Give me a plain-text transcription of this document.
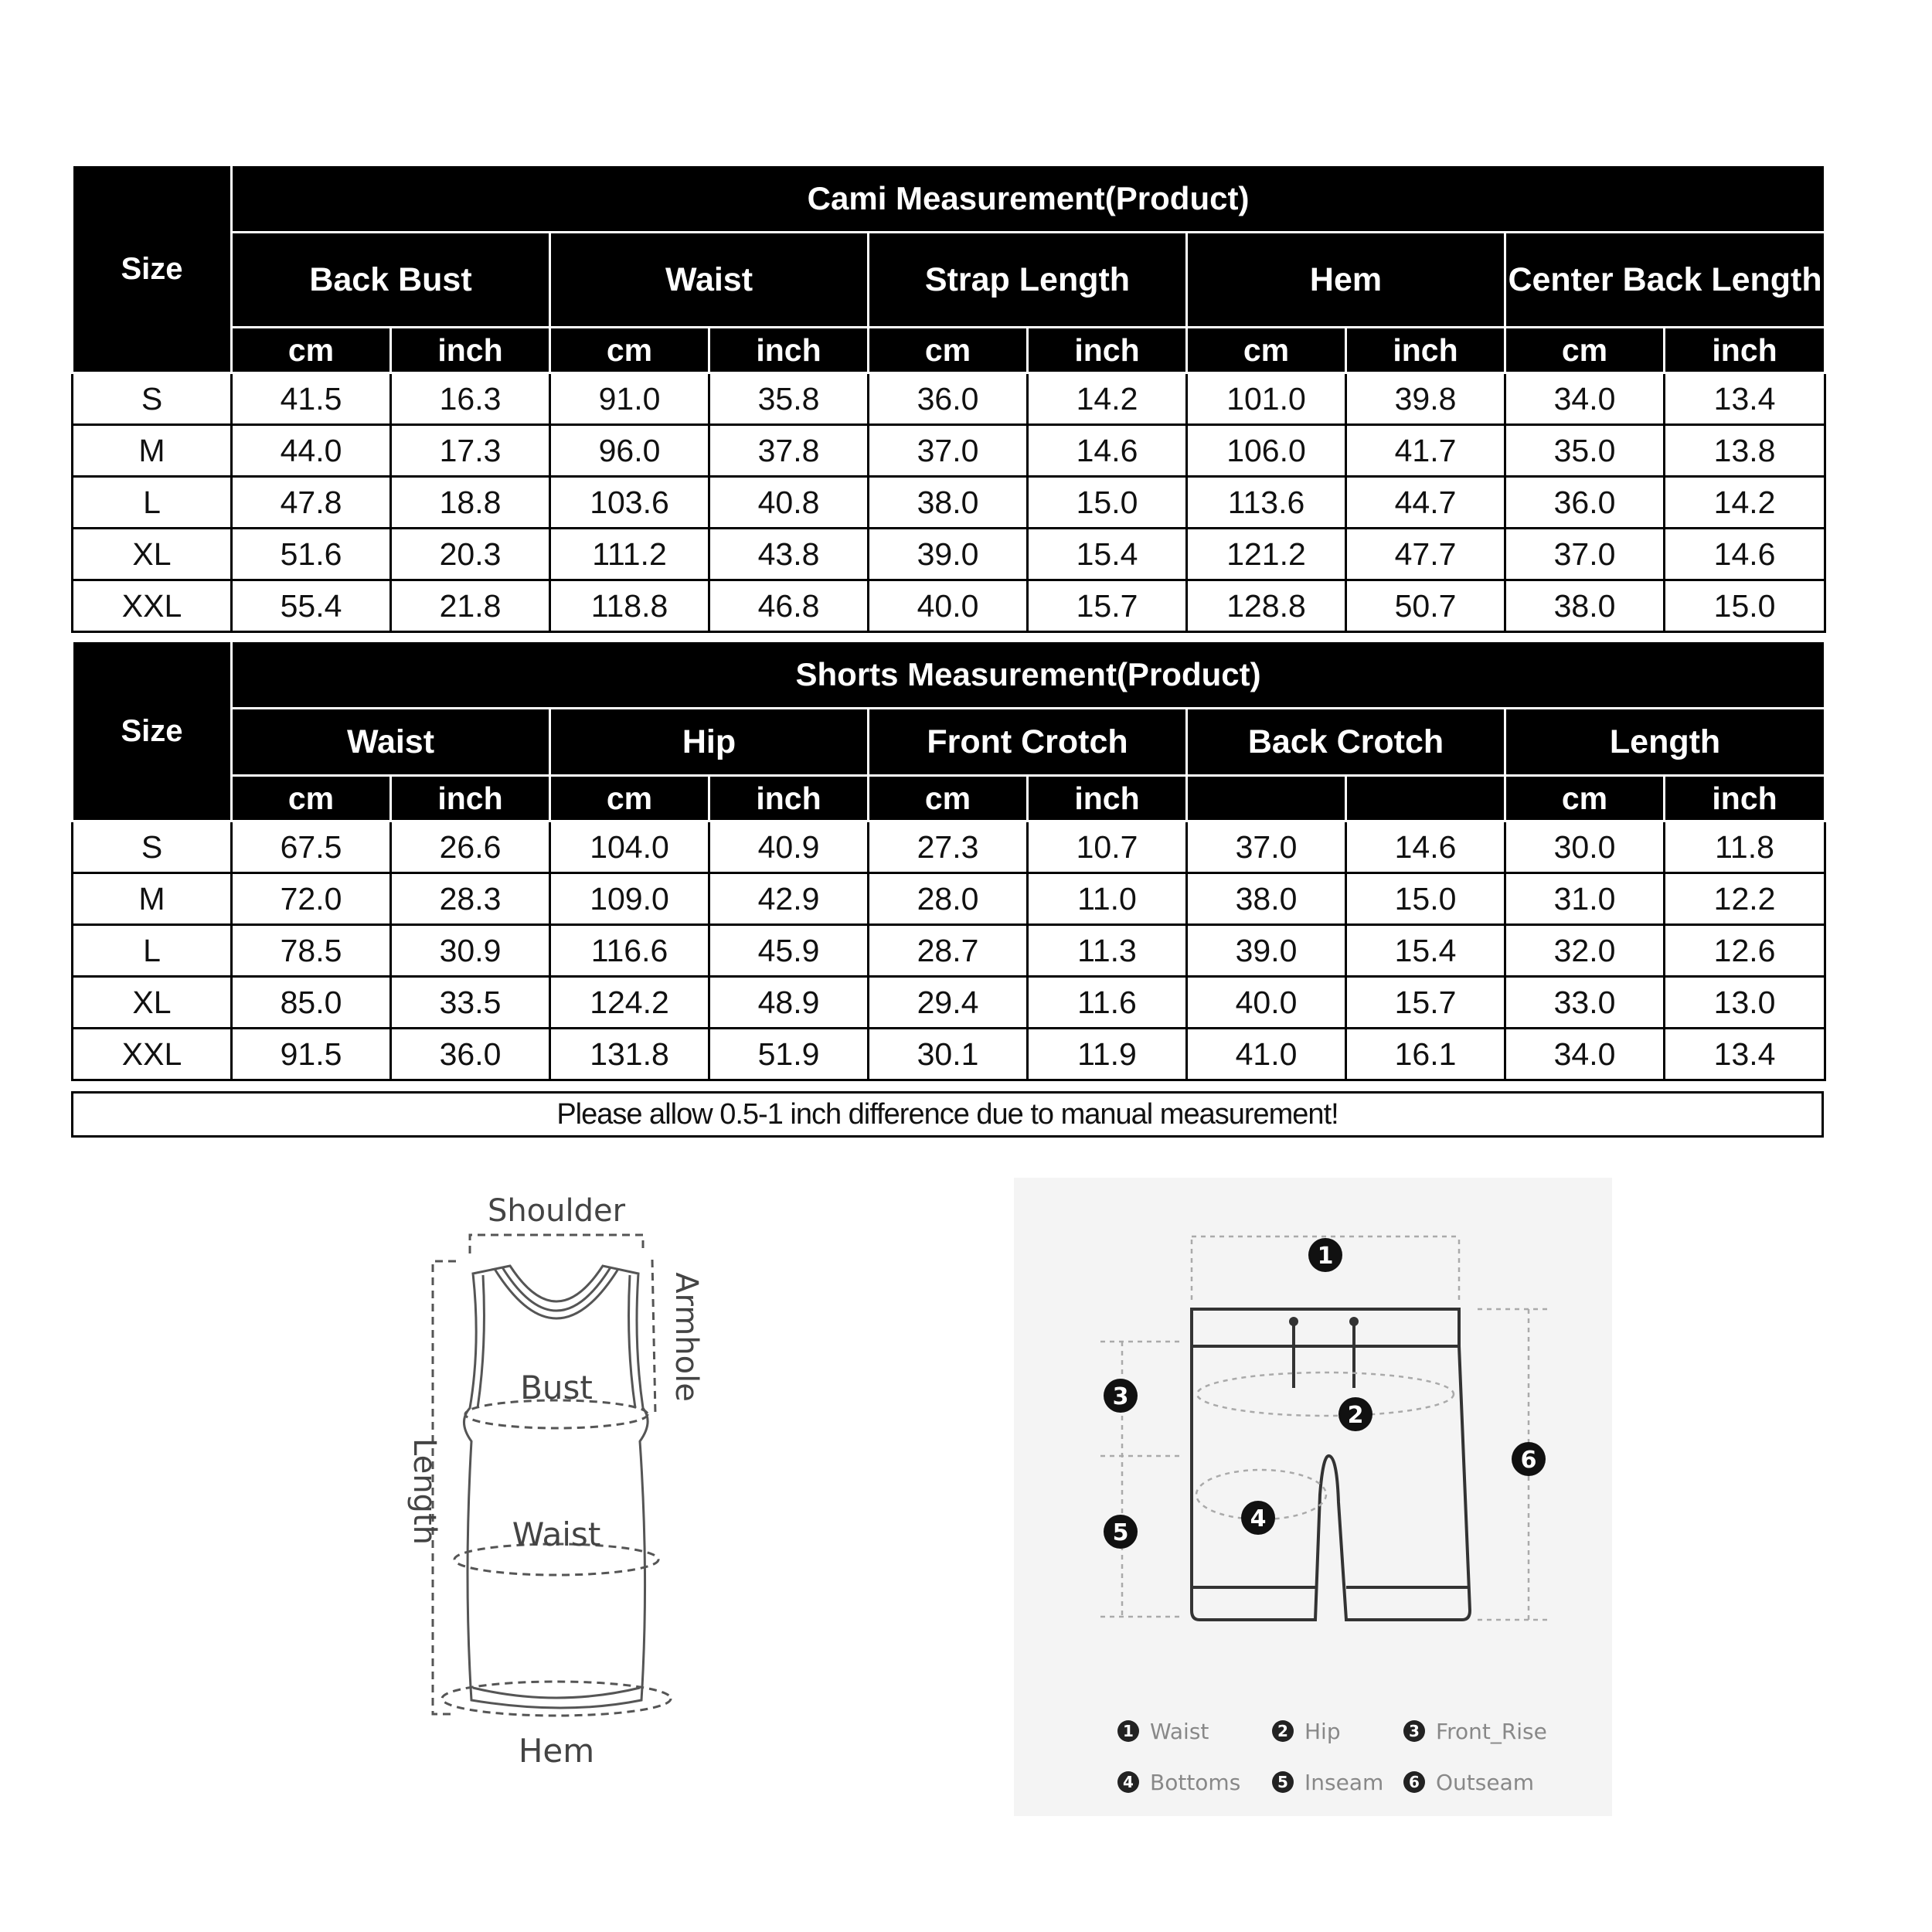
Size	Cami Measurement(Product)									
	Back Bust		Waist		Strap Length		Hem		Center Back Length	
	cm	inch	cm	inch	cm	inch	cm	inch	cm	inch
S	41.5	16.3	91.0	35.8	36.0	14.2	101.0	39.8	34.0	13.4
M	44.0	17.3	96.0	37.8	37.0	14.6	106.0	41.7	35.0	13.8
L	47.8	18.8	103.6	40.8	38.0	15.0	113.6	44.7	36.0	14.2
XL	51.6	20.3	111.2	43.8	39.0	15.4	121.2	47.7	37.0	14.6
XXL	55.4	21.8	118.8	46.8	40.0	15.7	128.8	50.7	38.0	15.0
Size	Shorts Measurement(Product)									
	Waist		Hip		Front Crotch		Back Crotch		Length	
	cm	inch	cm	inch	cm	inch			cm	inch
S	67.5	26.6	104.0	40.9	27.3	10.7	37.0	14.6	30.0	11.8
M	72.0	28.3	109.0	42.9	28.0	11.0	38.0	15.0	31.0	12.2
L	78.5	30.9	116.6	45.9	28.7	11.3	39.0	15.4	32.0	12.6
XL	85.0	33.5	124.2	48.9	29.4	11.6	40.0	15.7	33.0	13.0
XXL	91.5	36.0	131.8	51.9	30.1	11.9	41.0	16.1	34.0	13.4
Please allow 0.5-1 inch difference due to manual measurement!
Shoulder
Armhole
Bust
Waist
Length
Hem
1
2
3
4
5
6
1 Waist	2 Hip	3 Front_Rise
4 Bottoms 5 Inseam 6 Outseam
